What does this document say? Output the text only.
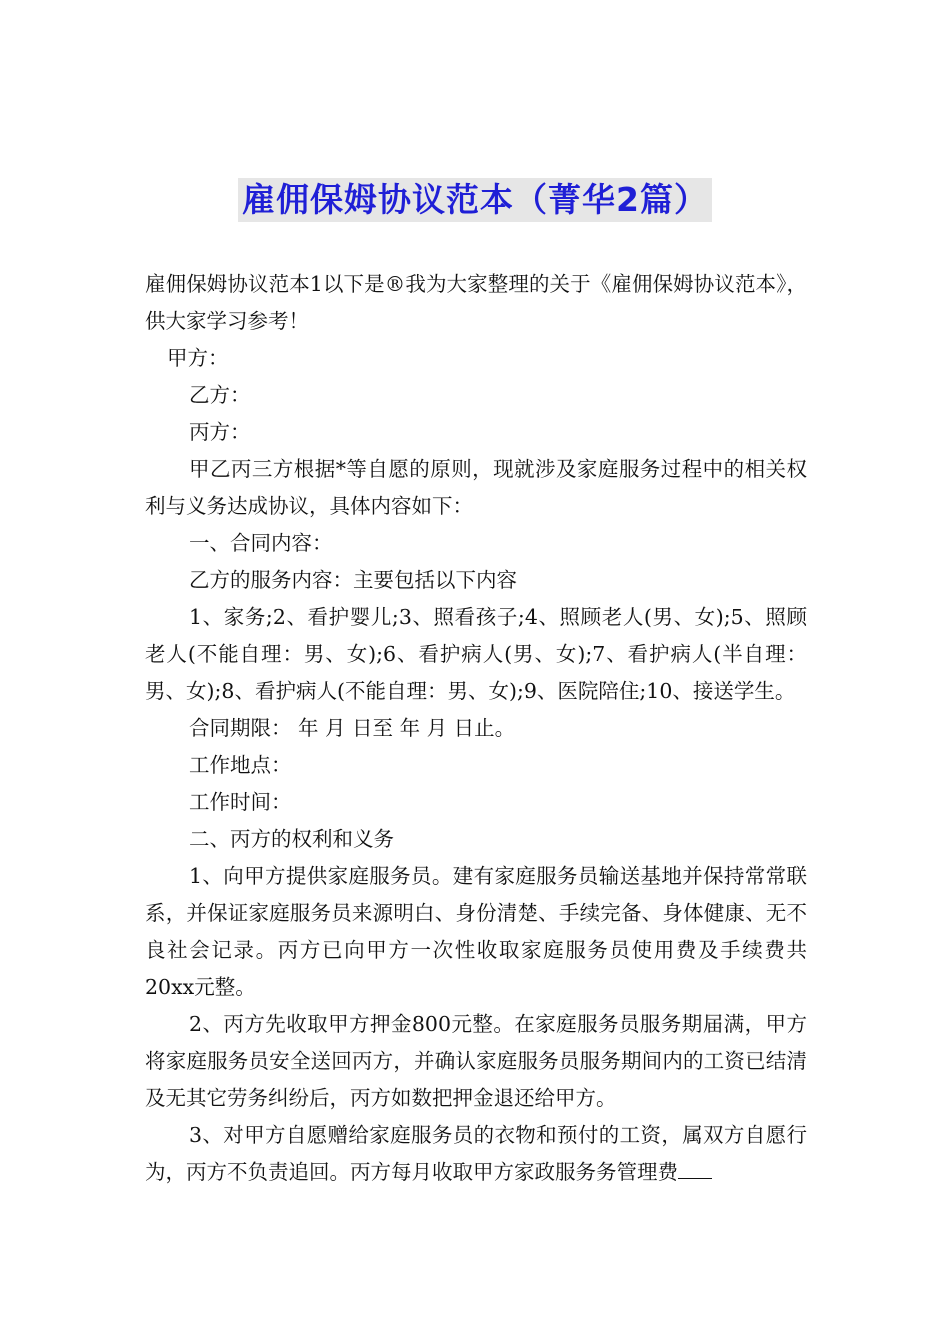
雇佣保姆协议范本（菁华2篇）

雇佣保姆协议范本1以下是®我为大家整理的关于《雇佣保姆协议范本》，供大家学习参考！

甲方：

乙方：

丙方：

甲乙丙三方根据*等自愿的原则，现就涉及家庭服务过程中的相关权利与义务达成协议，具体内容如下：

一、合同内容：

乙方的服务内容：主要包括以下内容

1、家务;2、看护婴儿;3、照看孩子;4、照顾老人(男、女);5、照顾老人(不能自理：男、女);6、看护病人(男、女);7、看护病人(半自理：男、女);8、看护病人(不能自理：男、女);9、医院陪住;10、接送学生。

合同期限： 年 月 日至 年 月 日止。

工作地点：

工作时间：

二、丙方的权利和义务

1、向甲方提供家庭服务员。建有家庭服务员输送基地并保持常常联系，并保证家庭服务员来源明白、身份清楚、手续完备、身体健康、无不良社会记录。丙方已向甲方一次性收取家庭服务员使用费及手续费共20xx元整。

2、丙方先收取甲方押金800元整。在家庭服务员服务期届满，甲方将家庭服务员安全送回丙方，并确认家庭服务员服务期间内的工资已结清及无其它劳务纠纷后，丙方如数把押金退还给甲方。

3、对甲方自愿赠给家庭服务员的衣物和预付的工资，属双方自愿行为，丙方不负责追回。丙方每月收取甲方家政服务务管理费
